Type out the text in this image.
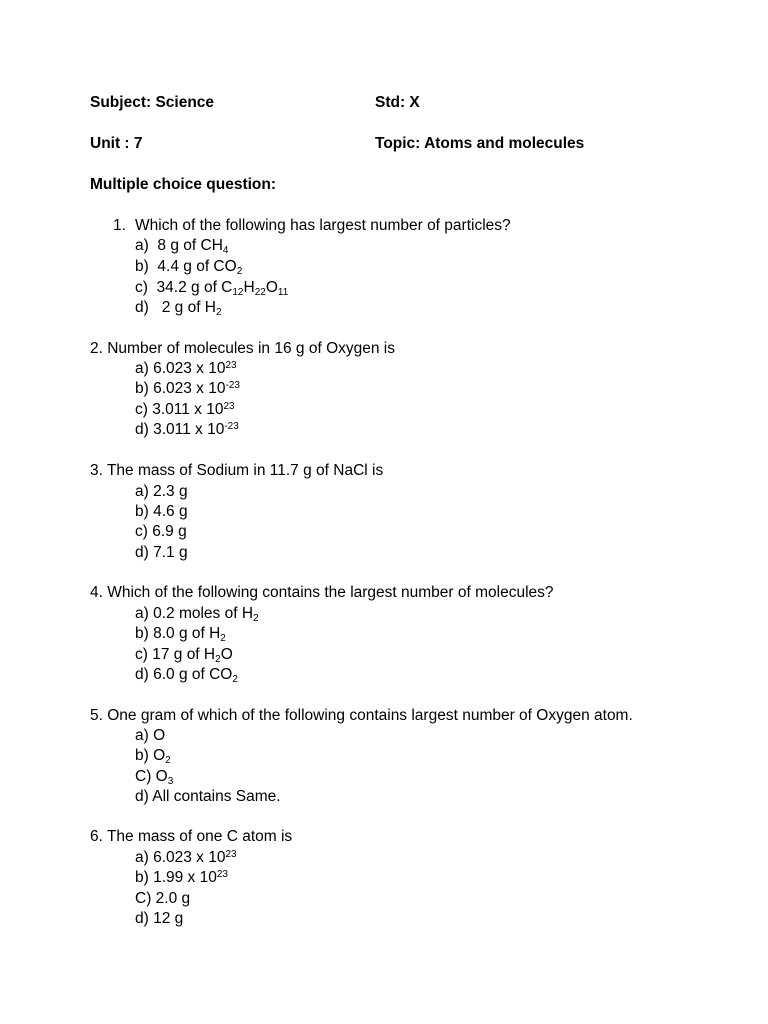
Subject: Science	Std: X
Unit : 7	Topic: Atoms and molecules
Multiple choice question:
1. Which of the following has largest number of particles?
a) 8 g of $CH_4$
b) 4.4 g of $CO_2$
c) 34.2 g of $C_{12}H_{22}O_{11}$
d) 2 g of $H_2$
2. Number of molecules in 16 g of Oxygen is
a) 6.023 x $10^{23}$
b) 6.023 x $10^{-23}$
c) 3.011 x $10^{23}$
d) 3.011 x $10^{-23}$
3. The mass of Sodium in 11.7 g of NaCl is
a) 2.3 g
b) 4.6 g
c) 6.9 g
d) 7.1 g
4. Which of the following contains the largest number of molecules?
a) 0.2 moles of $H_2$
b) 8.0 g of $H_2$
c) 17 g of $H_2O$
d) 6.0 g of $CO_2$
5. One gram of which of the following contains largest number of Oxygen atom.
a) O
b) $O_2$
C) $O_3$
d) All contains Same.
6. The mass of one C atom is
a) 6.023 x $10^{23}$
b) 1.99 x $10^{23}$
C) 2.0 g
d) 12 g
